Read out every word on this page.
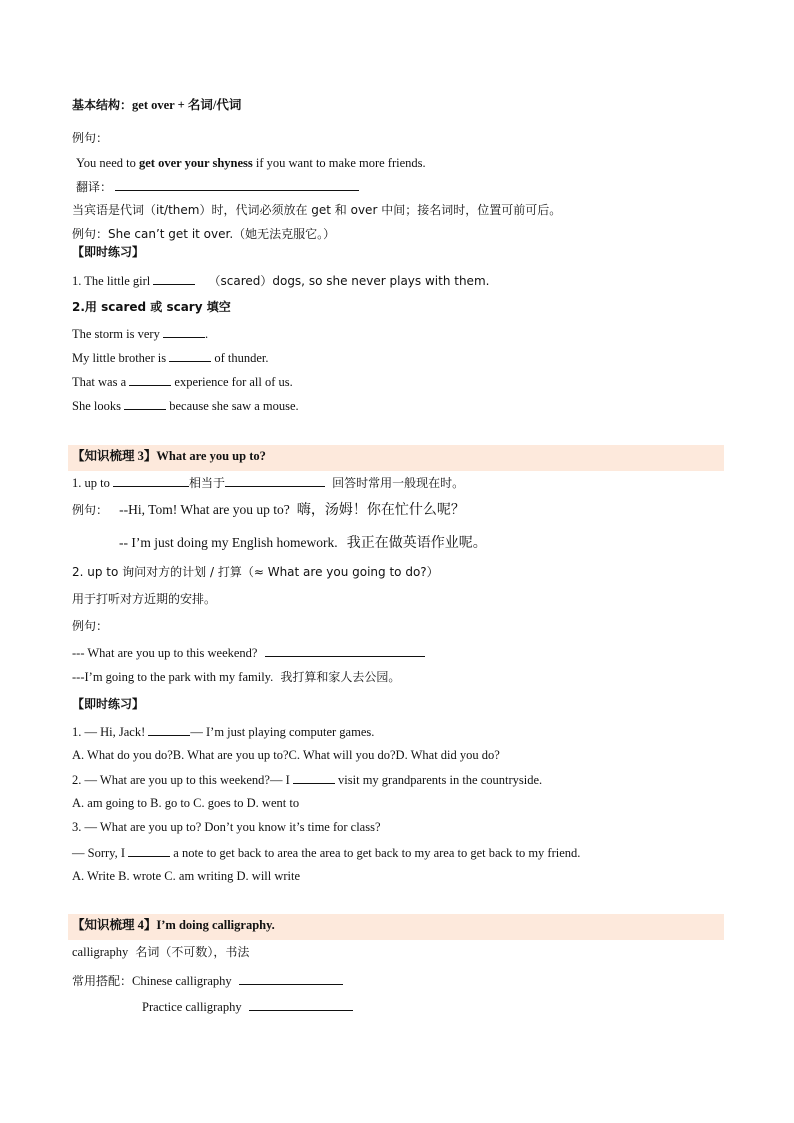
基本结构：get over + 名词/代词
例句：
You need to get over your shyness if you want to make more friends.
翻译：
当宾语是代词（it/them）时，代词必须放在 get 和 over 中间；接名词时，位置可前可后。
例句：She can’t get it over.（她无法克服它。）
【即时练习】
1. The little girl	（scared）dogs, so she never plays with them.
2.用 scared 或 scary 填空
The storm is very	.
My little brother is	of thunder.
That was a	experience for all of us.
She looks	because she saw a mouse.
【知识梳理 3】What are you up to?
1. up to	相当于	回答时常用一般现在时。
例句： --Hi, Tom! What are you up to? 嗨，汤姆！你在忙什么呢？
-- I’m just doing my English homework. 我正在做英语作业呢。
2. up to 询问对方的计划 / 打算（≈ What are you going to do?）
用于打听对方近期的安排。
例句：
--- What are you up to this weekend?
---I’m going to the park with my family. 我打算和家人去公园。
【即时练习】
1. — Hi, Jack!	— I’m just playing computer games.
A. What do you do?B. What are you up to?C. What will you do?D. What did you do?
2. — What are you up to this weekend?— I	visit my grandparents in the countryside.
A. am going to B. go to C. goes to D. went to
3. — What are you up to? Don’t you know it’s time for class?
— Sorry, I	a note to get back to area the area to get back to my area to get back to my friend.
A. Write B. wrote C. am writing D. will write
【知识梳理 4】I’m doing calligraphy.
calligraphy 名词（不可数），书法
常用搭配：Chinese calligraphy
Practice calligraphy
